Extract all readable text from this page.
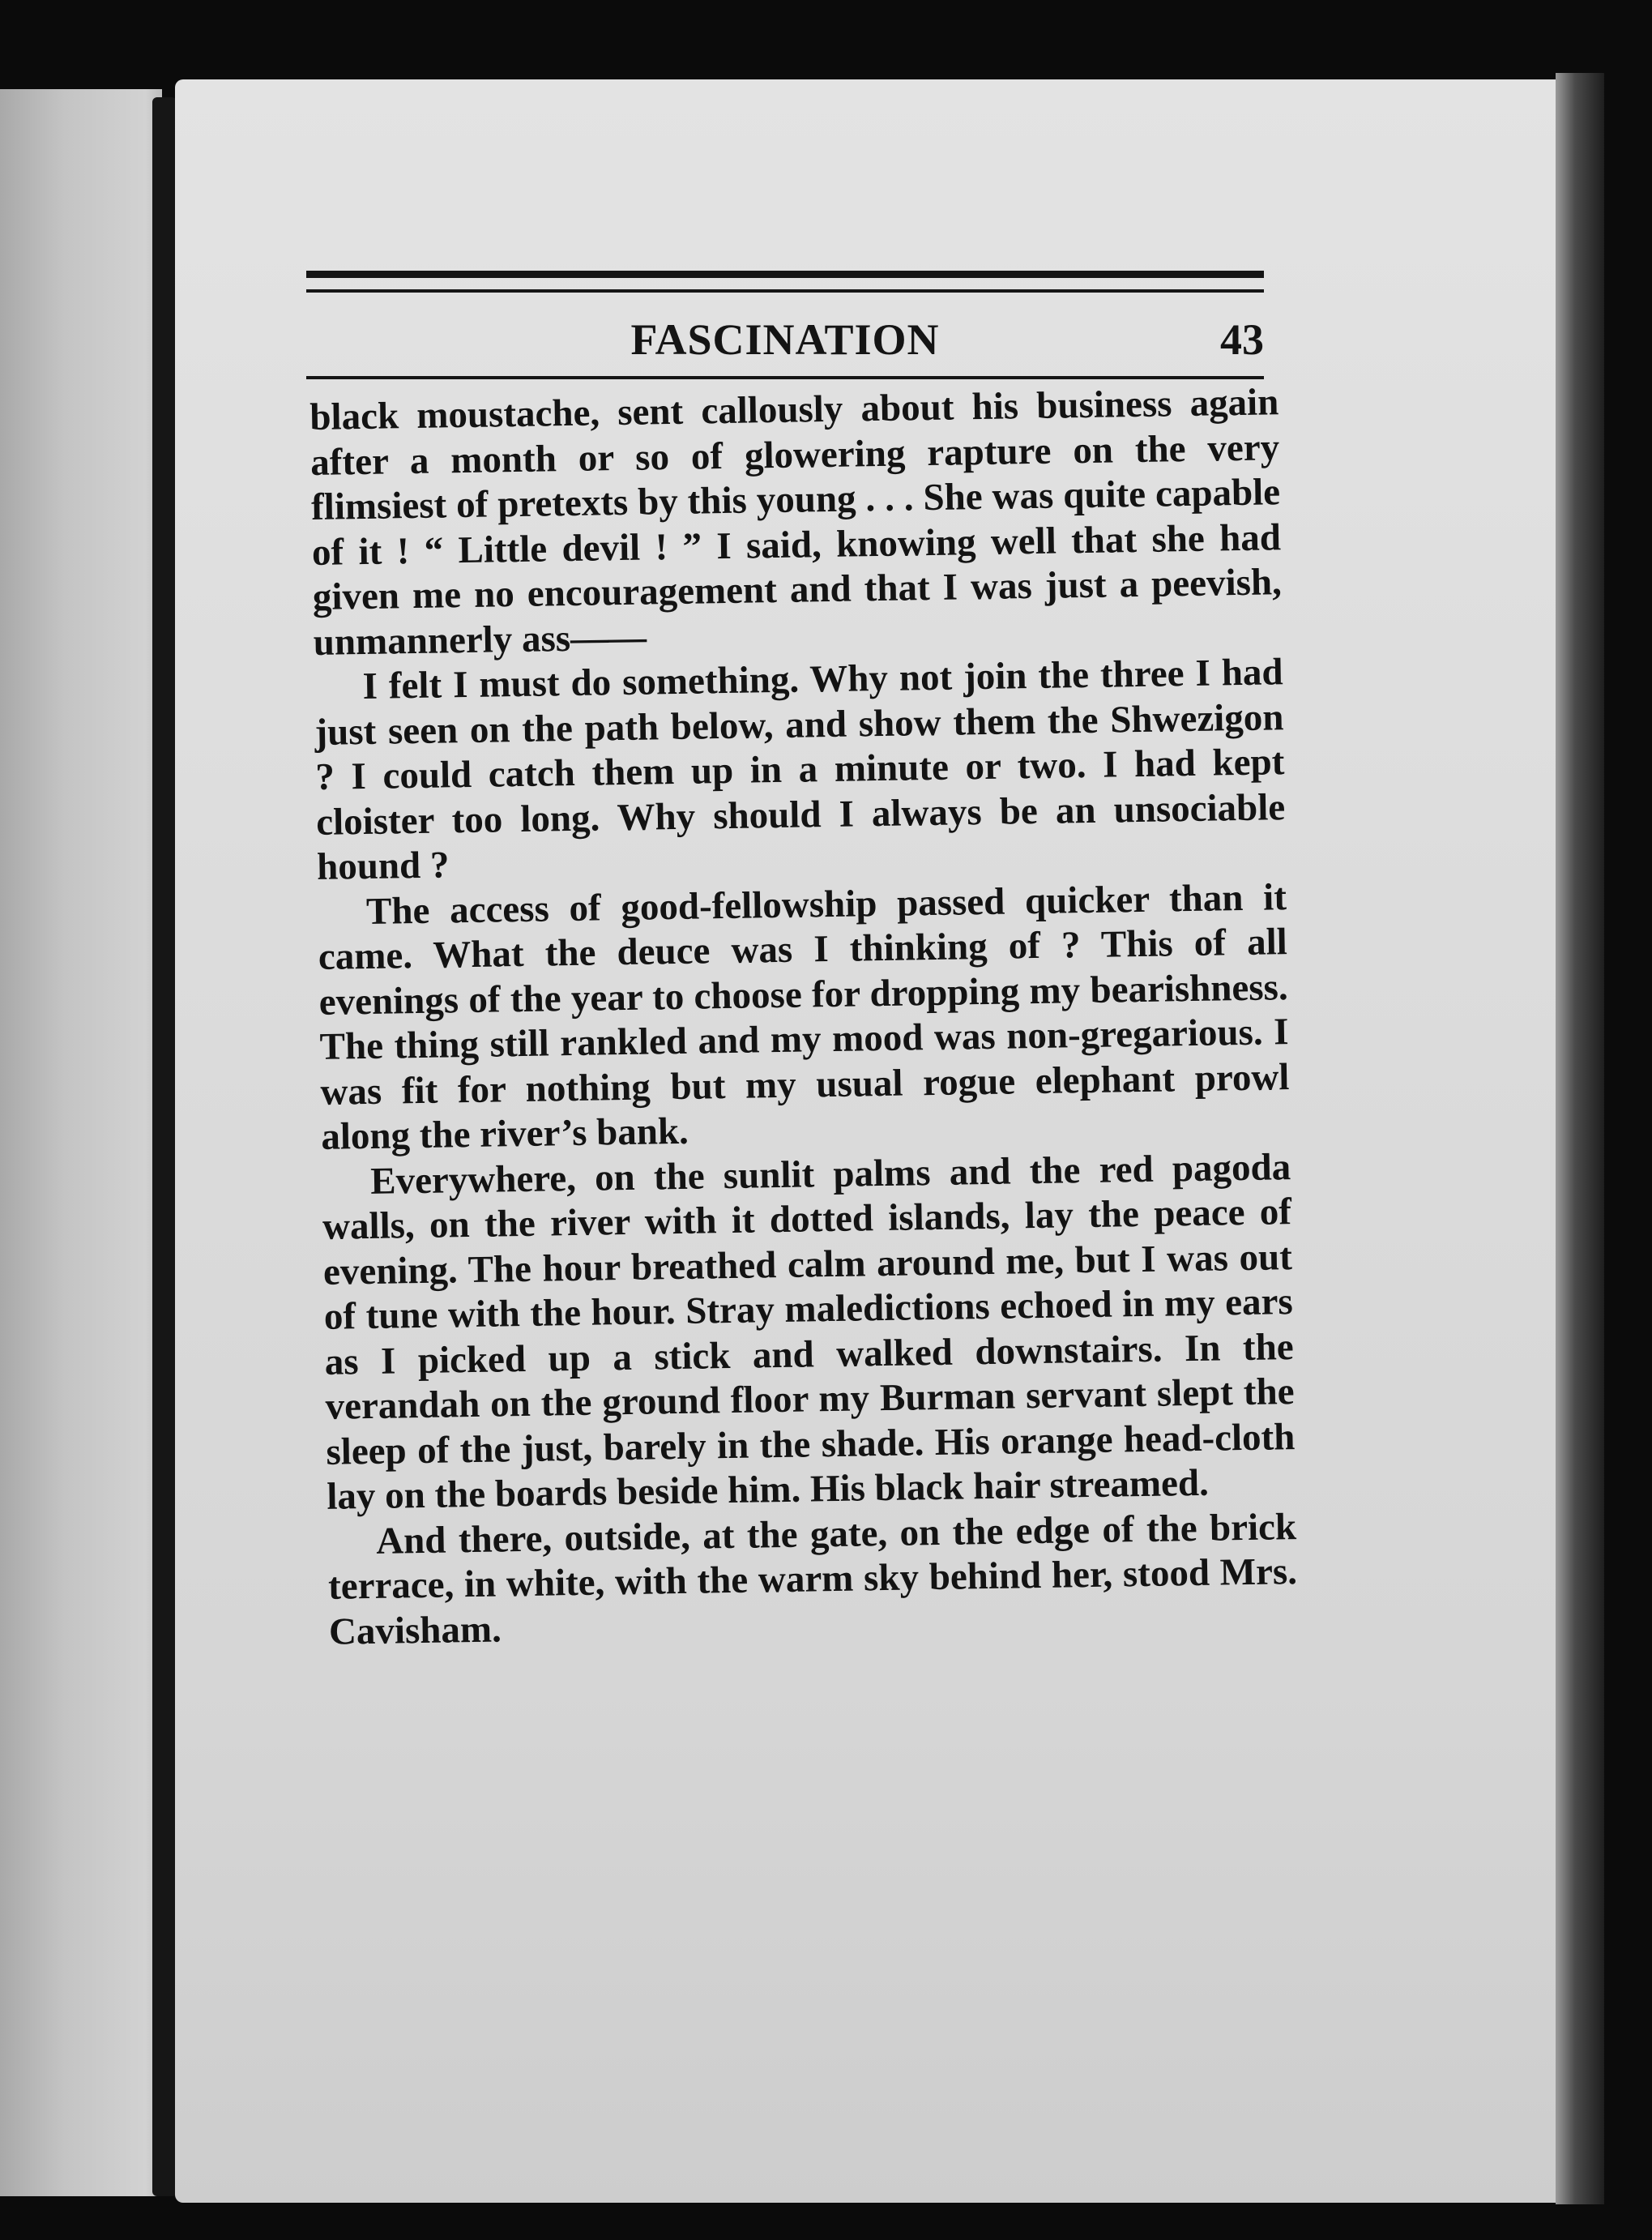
FASCINATION	43

black moustache, sent callously about his business again after a month or so of glowering rapture on the very flimsiest of pretexts by this young . . . She was quite capable of it ! “ Little devil ! ” I said, knowing well that she had given me no encouragement and that I was just a peevish, unmannerly ass——

I felt I must do something. Why not join the three I had just seen on the path below, and show them the Shwezigon ? I could catch them up in a minute or two. I had kept cloister too long. Why should I always be an unsociable hound ?

The access of good-fellowship passed quicker than it came. What the deuce was I thinking of ? This of all evenings of the year to choose for dropping my bearishness. The thing still rankled and my mood was non-gregarious. I was fit for nothing but my usual rogue elephant prowl along the river’s bank.

Everywhere, on the sunlit palms and the red pagoda walls, on the river with it dotted islands, lay the peace of evening. The hour breathed calm around me, but I was out of tune with the hour. Stray maledictions echoed in my ears as I picked up a stick and walked downstairs. In the verandah on the ground floor my Burman servant slept the sleep of the just, barely in the shade. His orange head-cloth lay on the boards beside him. His black hair streamed.

And there, outside, at the gate, on the edge of the brick terrace, in white, with the warm sky behind her, stood Mrs. Cavisham.
